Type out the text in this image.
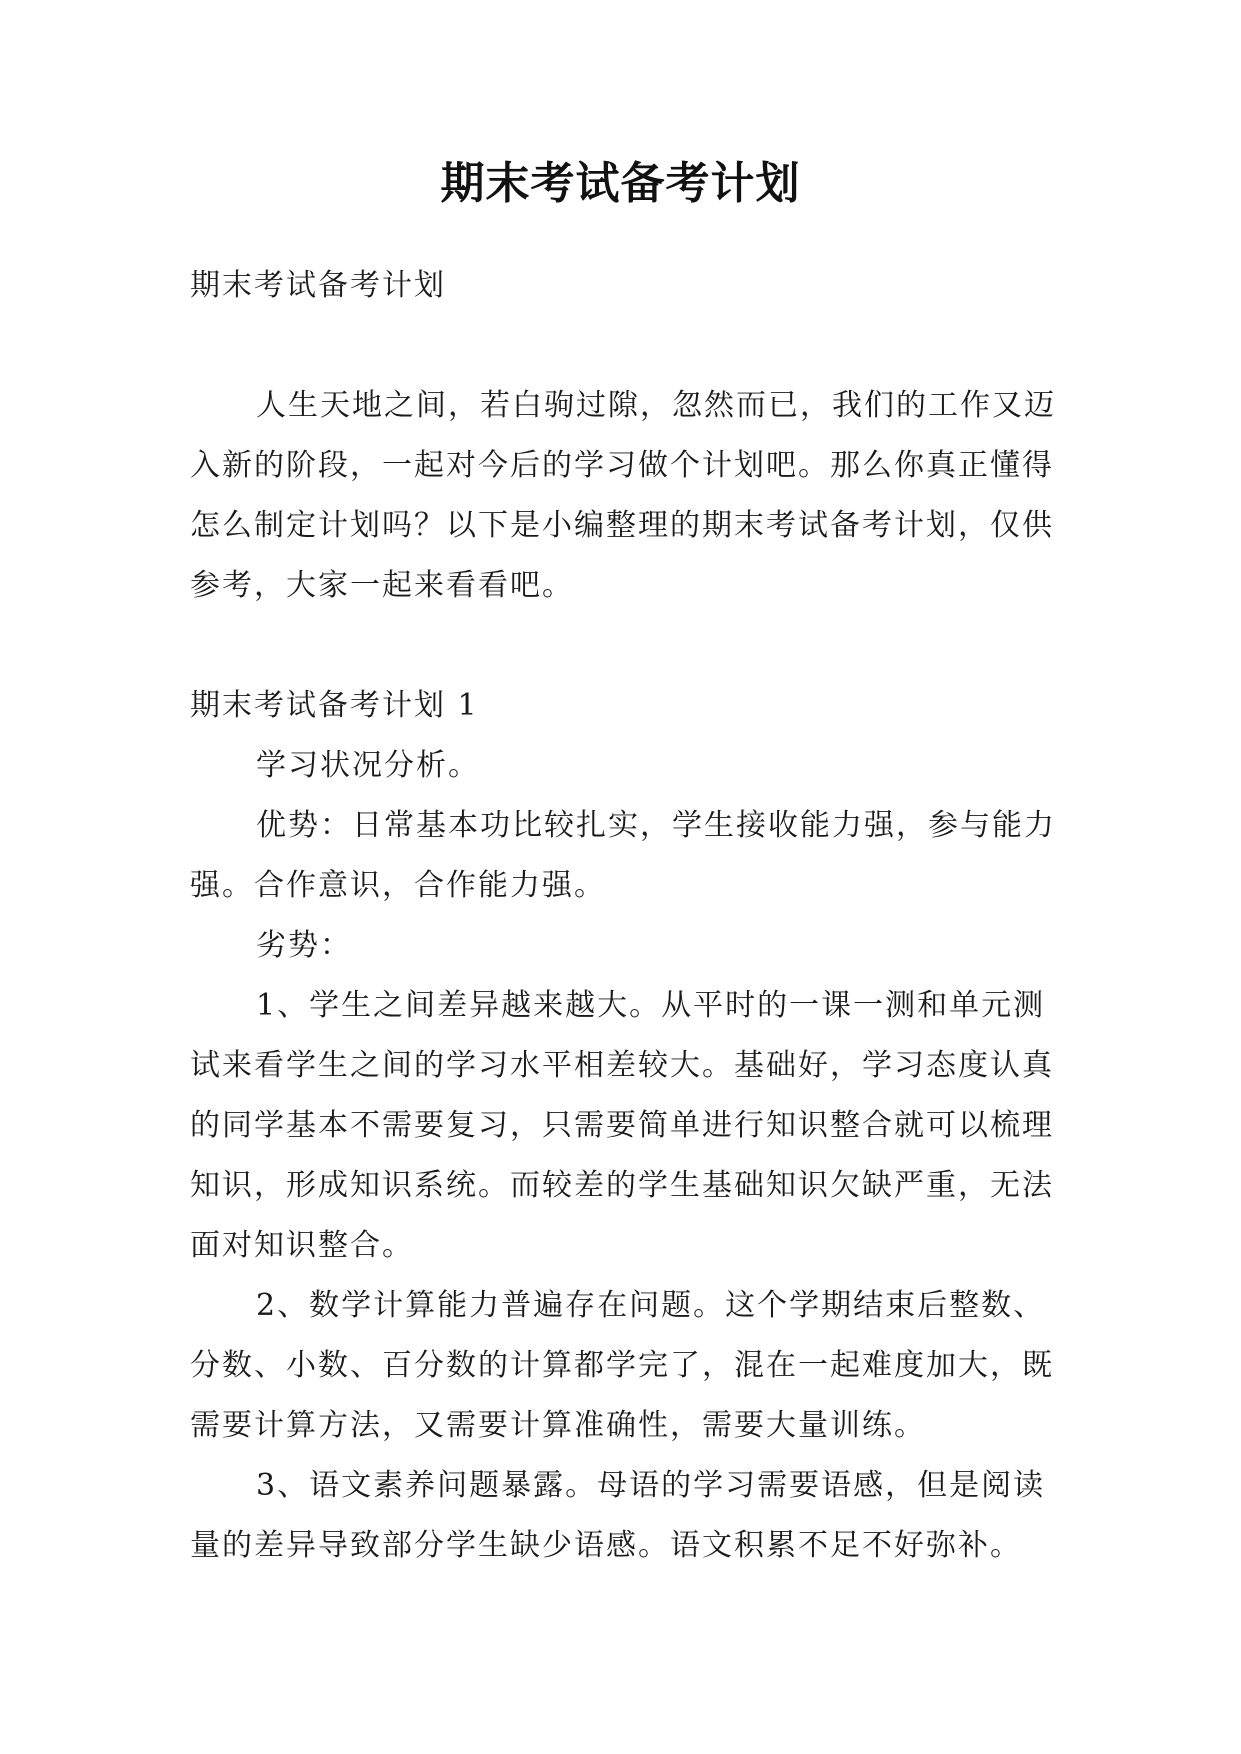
期末考试备考计划

期末考试备考计划

人生天地之间，若白驹过隙，忽然而已，我们的工作又迈入新的阶段，一起对今后的学习做个计划吧。那么你真正懂得怎么制定计划吗？以下是小编整理的期末考试备考计划，仅供参考，大家一起来看看吧。

期末考试备考计划 1

学习状况分析。

优势：日常基本功比较扎实，学生接收能力强，参与能力强。合作意识，合作能力强。

劣势：

1、学生之间差异越来越大。从平时的一课一测和单元测试来看学生之间的学习水平相差较大。基础好，学习态度认真的同学基本不需要复习，只需要简单进行知识整合就可以梳理知识，形成知识系统。而较差的学生基础知识欠缺严重，无法面对知识整合。

2、数学计算能力普遍存在问题。这个学期结束后整数、分数、小数、百分数的计算都学完了，混在一起难度加大，既需要计算方法，又需要计算准确性，需要大量训练。

3、语文素养问题暴露。母语的学习需要语感，但是阅读量的差异导致部分学生缺少语感。语文积累不足不好弥补。
